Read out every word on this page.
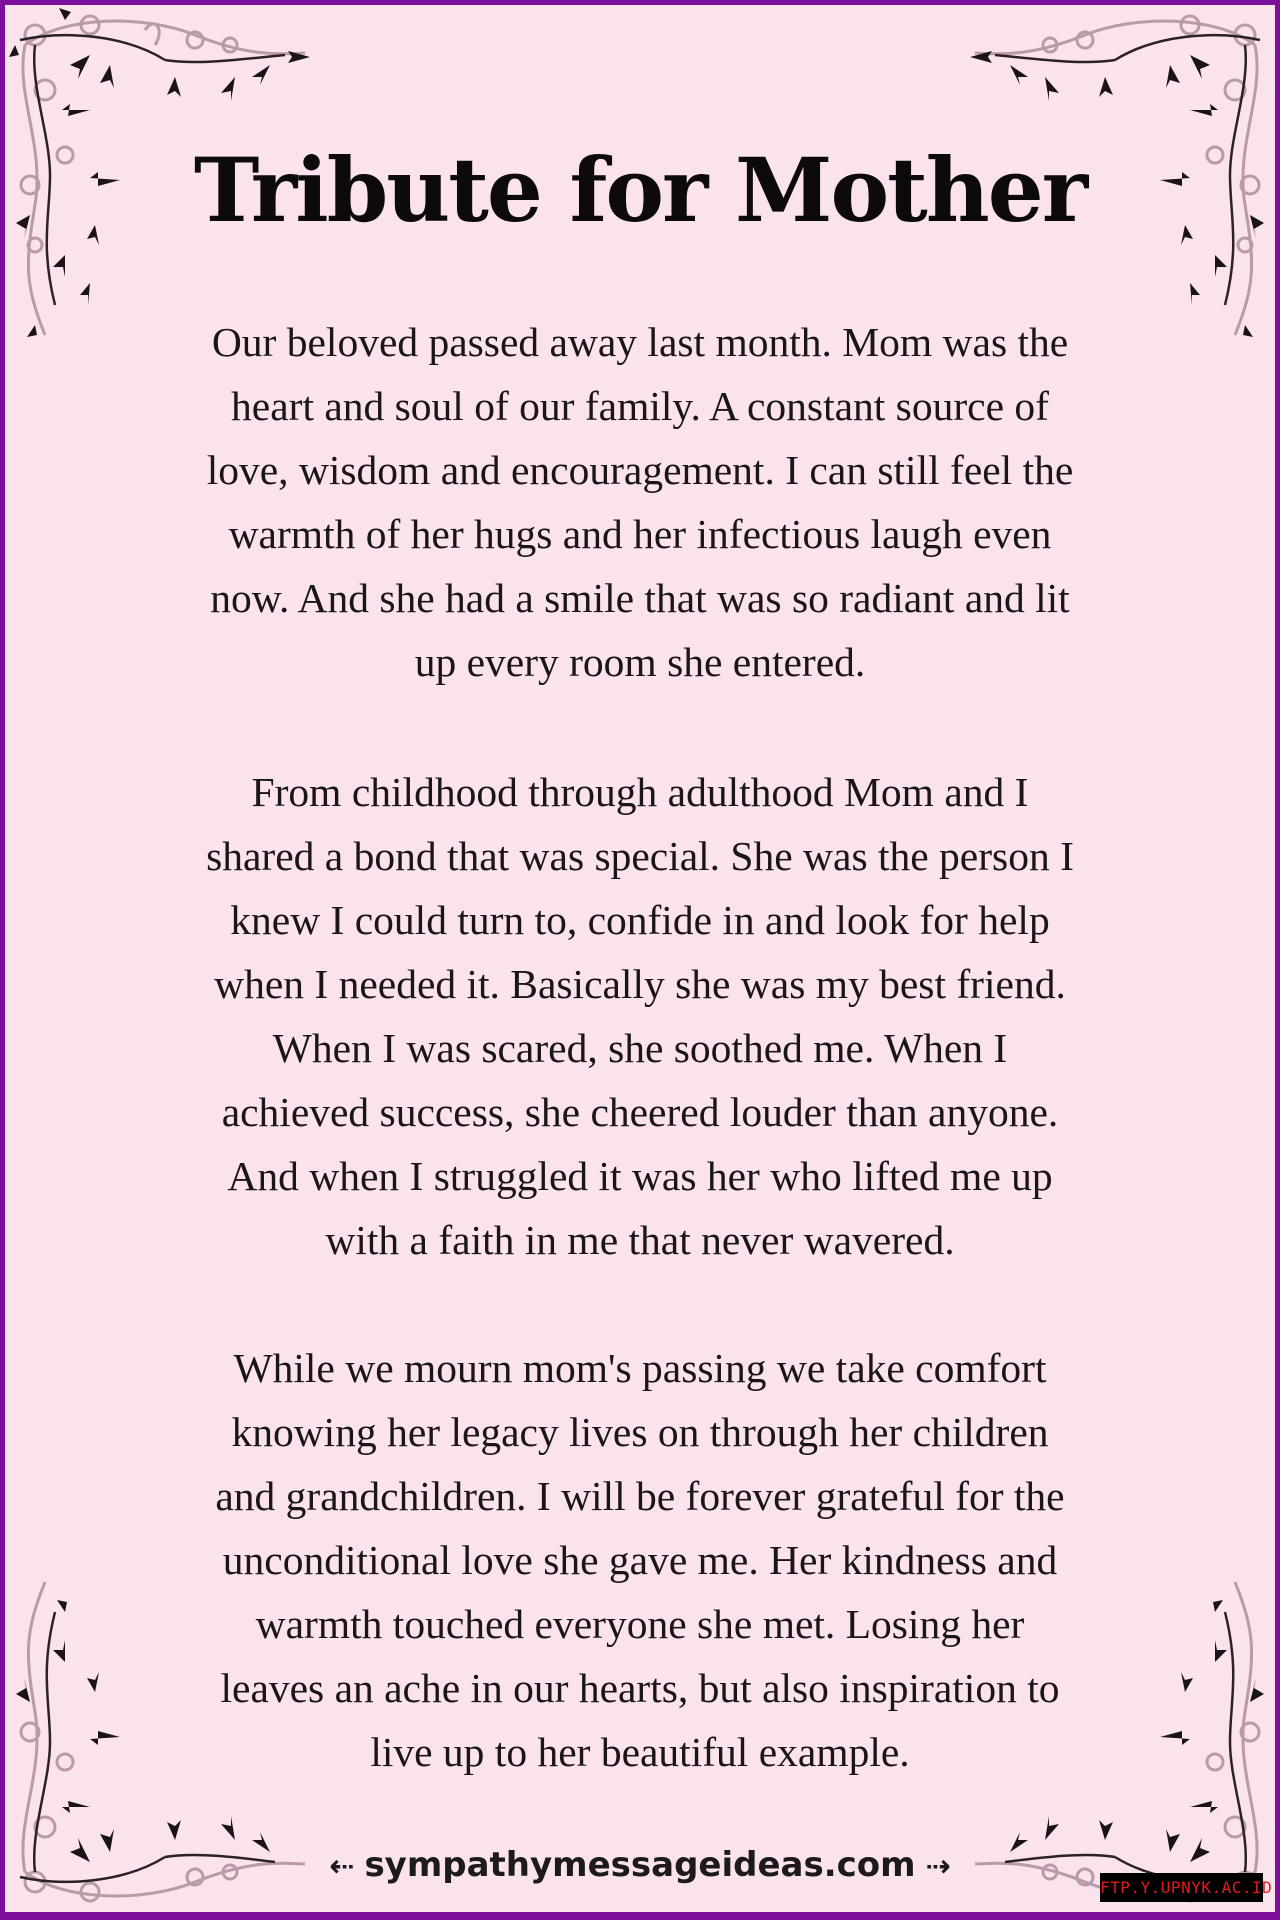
Tribute for Mother

Our beloved passed away last month. Mom was the
heart and soul of our family. A constant source of
love, wisdom and encouragement. I can still feel the
warmth of her hugs and her infectious laugh even
now. And she had a smile that was so radiant and lit
up every room she entered.

From childhood through adulthood Mom and I
shared a bond that was special. She was the person I
knew I could turn to, confide in and look for help
when I needed it. Basically she was my best friend.
When I was scared, she soothed me. When I
achieved success, she cheered louder than anyone.
And when I struggled it was her who lifted me up
with a faith in me that never wavered.

While we mourn mom's passing we take comfort
knowing her legacy lives on through her children
and grandchildren. I will be forever grateful for the
unconditional love she gave me. Her kindness and
warmth touched everyone she met. Losing her
leaves an ache in our hearts, but also inspiration to
live up to her beautiful example.

⇠ sympathymessageideas.com ⇢
FTP.Y.UPNYK.AC.ID
